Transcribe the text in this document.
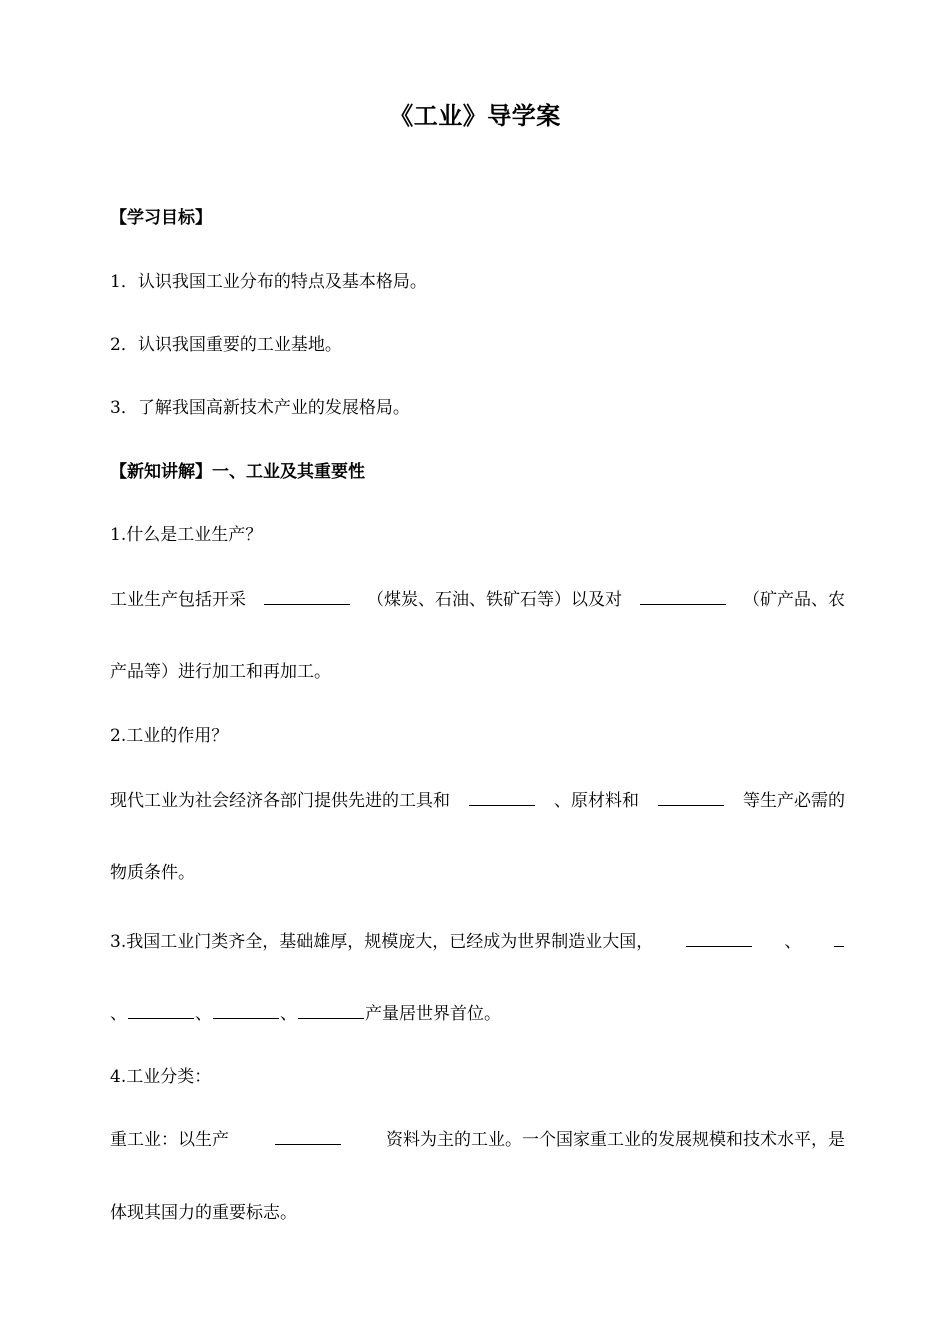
《工业》导学案
【学习目标】
1．认识我国工业分布的特点及基本格局。
2．认识我国重要的工业基地。
3．了解我国高新技术产业的发展格局。
【新知讲解】一、工业及其重要性
1.什么是工业生产？
工业生产包括开采	（煤炭、石油、铁矿石等）以及对	（矿产品、农
产品等）进行加工和再加工。
2.工业的作用？
现代工业为社会经济各部门提供先进的工具和	、原材料和	等生产必需的
物质条件。
3.我国工业门类齐全，基础雄厚，规模庞大，已经成为世界制造业大国，	、
、	、	、	产量居世界首位。
4.工业分类：
重工业：以生产	资料为主的工业。一个国家重工业的发展规模和技术水平，是
体现其国力的重要标志。
